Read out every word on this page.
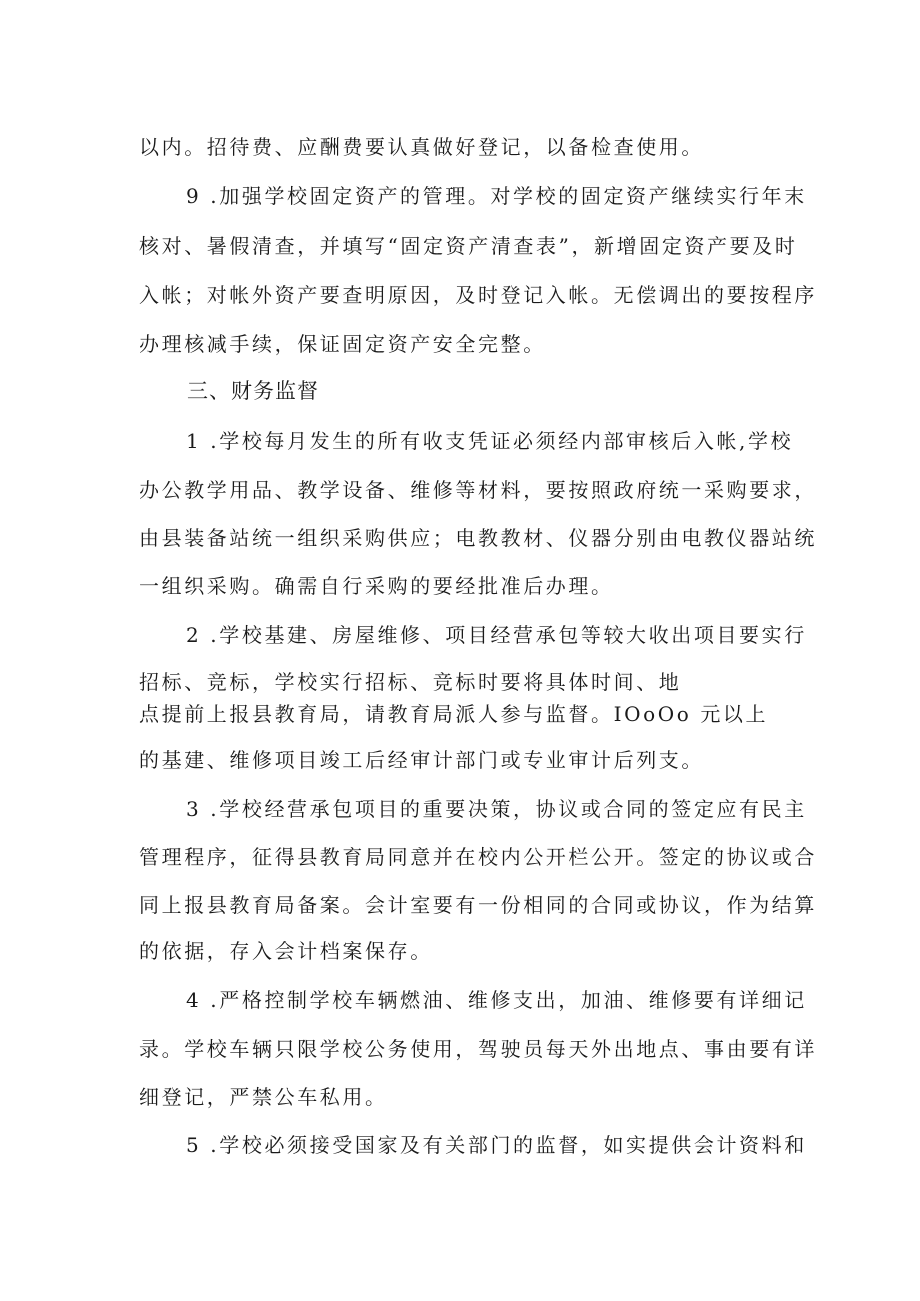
以内。招待费、应酬费要认真做好登记，以备检查使用。
9 .加强学校固定资产的管理。对学校的固定资产继续实行年末
核对、暑假清查，并填写“固定资产清查表”，新增固定资产要及时
入帐；对帐外资产要查明原因，及时登记入帐。无偿调出的要按程序
办理核减手续，保证固定资产安全完整。
三、财务监督
1 .学校每月发生的所有收支凭证必须经内部审核后入帐,学校
办公教学用品、教学设备、维修等材料，要按照政府统一采购要求，
由县装备站统一组织采购供应；电教教材、仪器分别由电教仪器站统
一组织采购。确需自行采购的要经批准后办理。
2 .学校基建、房屋维修、项目经营承包等较大收出项目要实行
招标、竞标，学校实行招标、竞标时要将具体时间、地
点提前上报县教育局，请教育局派人参与监督。IOoOo 元以上
的基建、维修项目竣工后经审计部门或专业审计后列支。
3 .学校经营承包项目的重要决策，协议或合同的签定应有民主
管理程序，征得县教育局同意并在校内公开栏公开。签定的协议或合
同上报县教育局备案。会计室要有一份相同的合同或协议，作为结算
的依据，存入会计档案保存。
4 .严格控制学校车辆燃油、维修支出，加油、维修要有详细记
录。学校车辆只限学校公务使用，驾驶员每天外出地点、事由要有详
细登记，严禁公车私用。
5 .学校必须接受国家及有关部门的监督，如实提供会计资料和
